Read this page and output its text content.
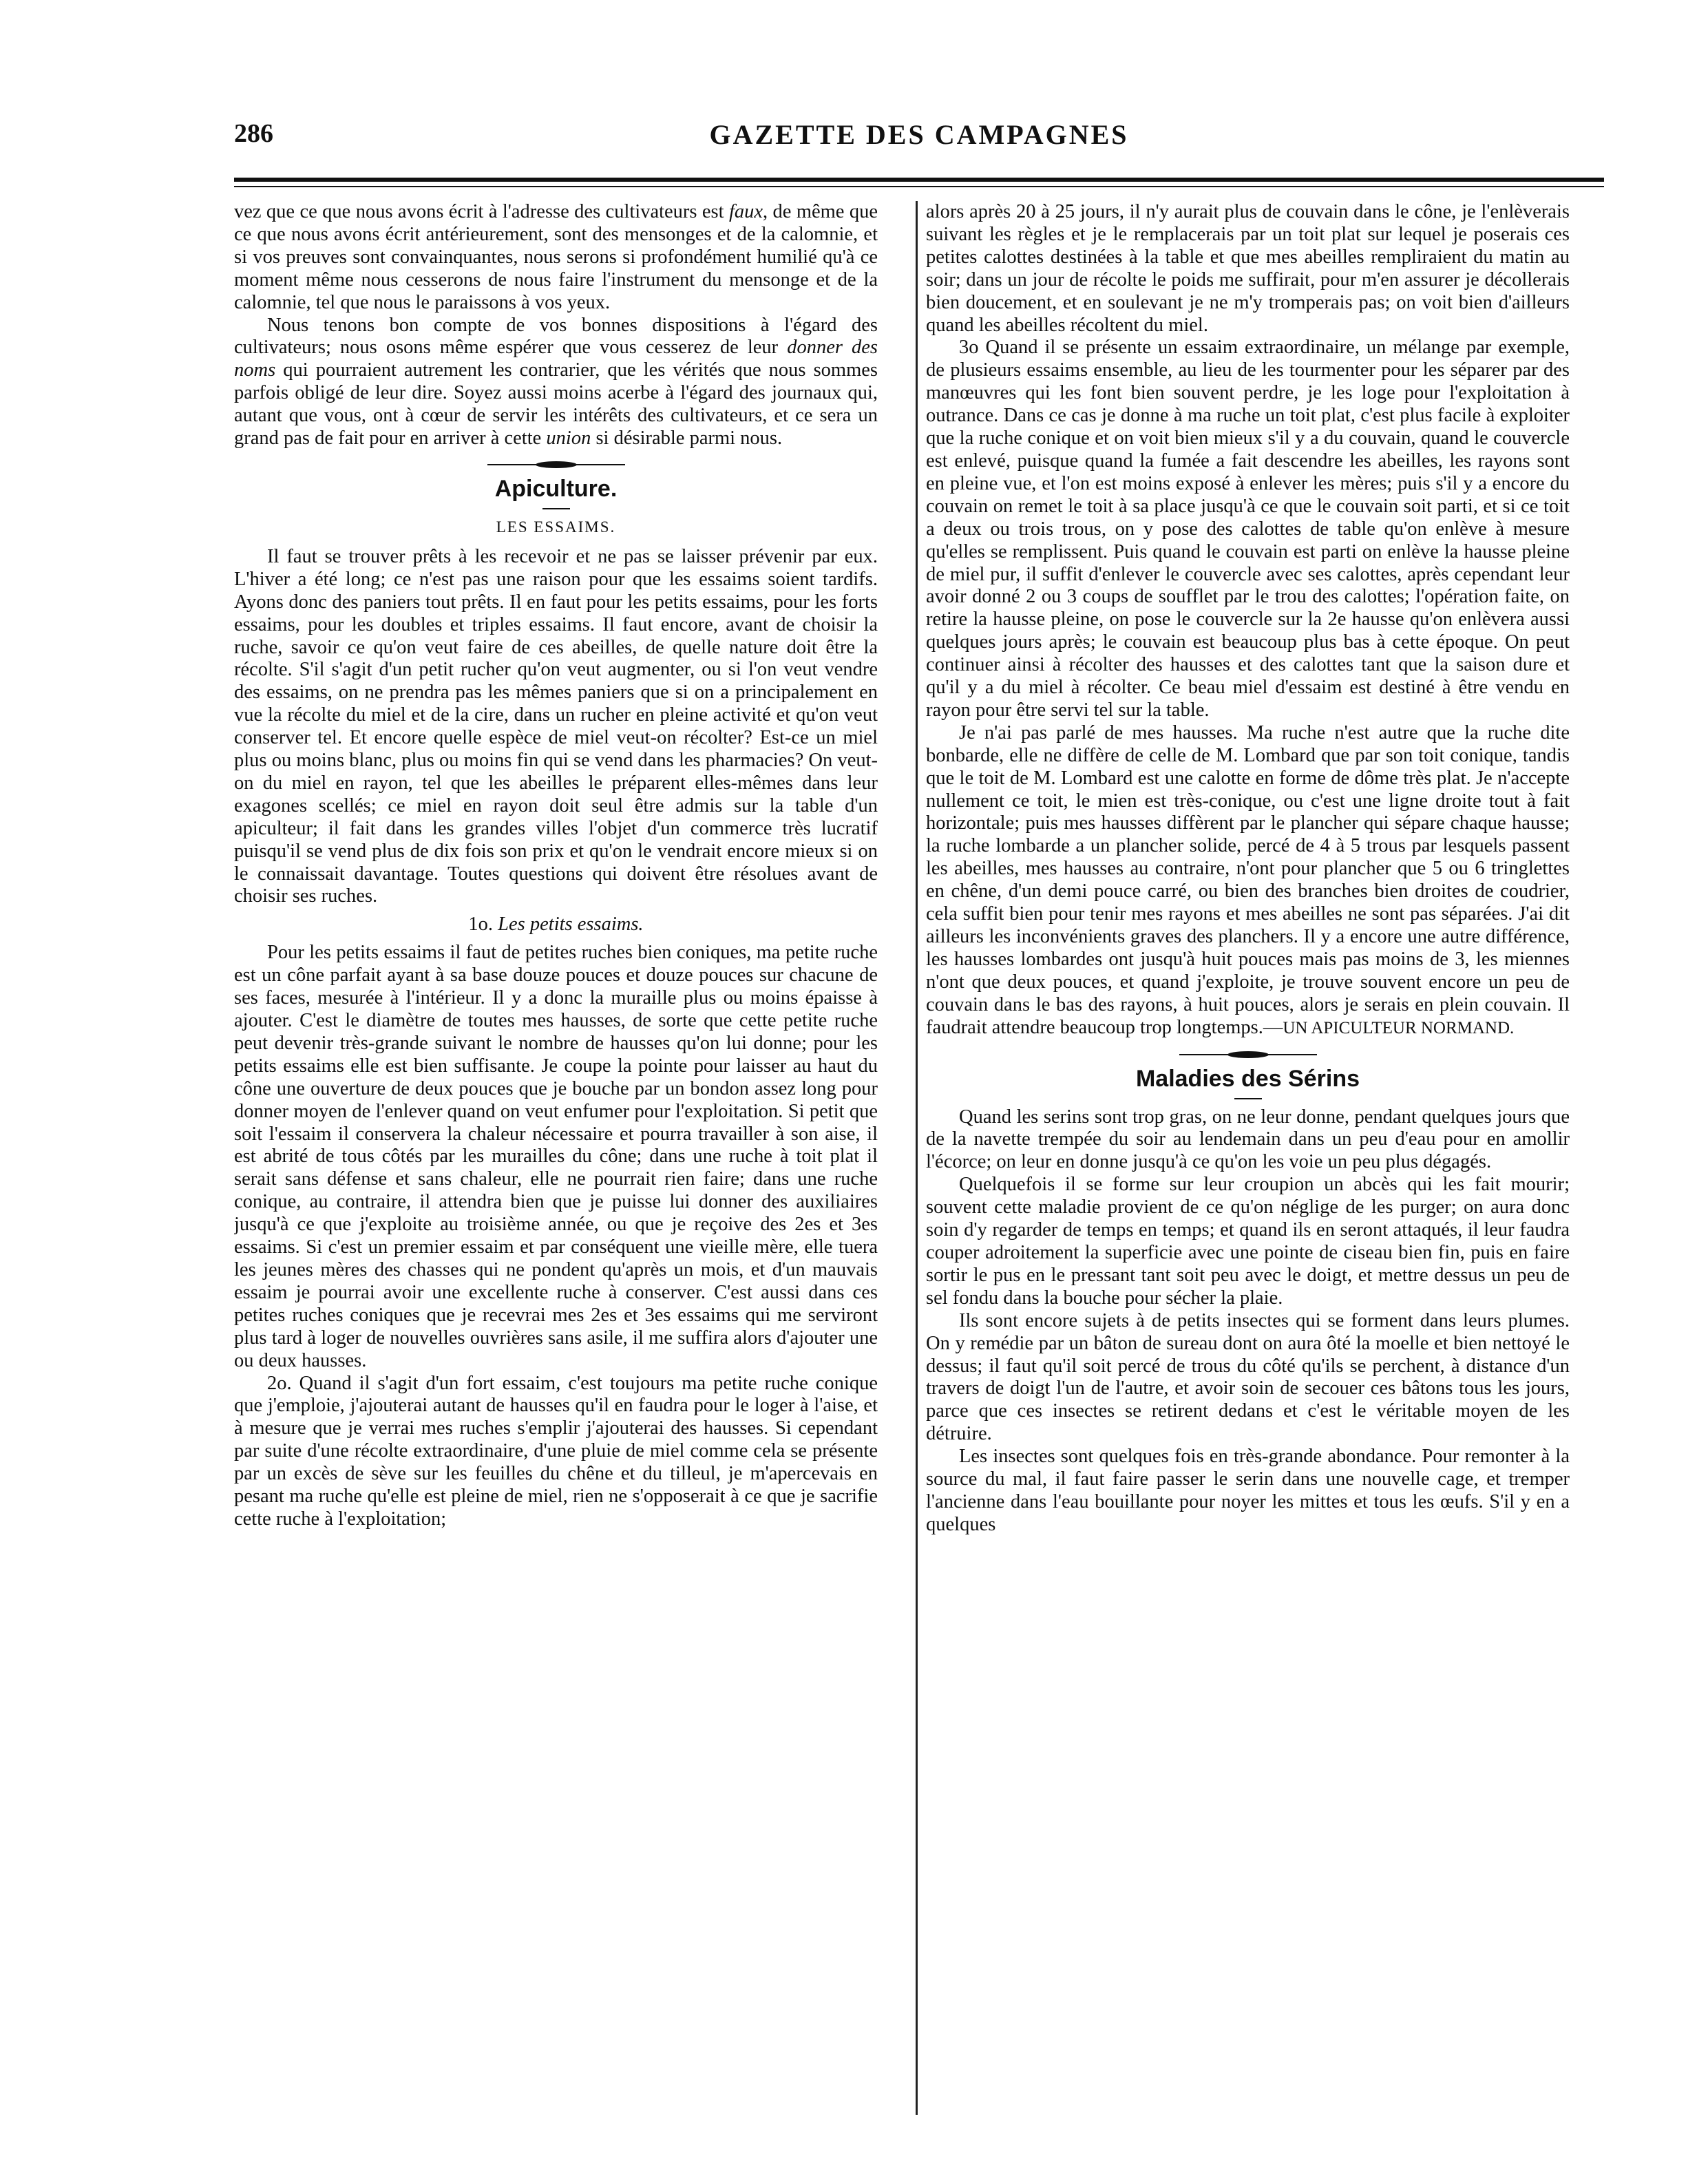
286	GAZETTE DES CAMPAGNES

vez que ce que nous avons écrit à l'adresse des cultivateurs est faux, de même que ce que nous avons écrit antérieurement, sont des mensonges et de la calomnie, et si vos preuves sont convainquantes, nous serons si profondément humilié qu'à ce moment même nous cesserons de nous faire l'instrument du mensonge et de la calomnie, tel que nous le paraissons à vos yeux.

Nous tenons bon compte de vos bonnes dispositions à l'égard des cultivateurs; nous osons même espérer que vous cesserez de leur donner des noms qui pourraient autrement les contrarier, que les vérités que nous sommes parfois obligé de leur dire. Soyez aussi moins acerbe à l'égard des journaux qui, autant que vous, ont à cœur de servir les intérêts des cultivateurs, et ce sera un grand pas de fait pour en arriver à cette union si désirable parmi nous.

Apiculture.
LES ESSAIMS.

Il faut se trouver prêts à les recevoir et ne pas se laisser prévenir par eux. L'hiver a été long; ce n'est pas une raison pour que les essaims soient tardifs. Ayons donc des paniers tout prêts. Il en faut pour les petits essaims, pour les forts essaims, pour les doubles et triples essaims. Il faut encore, avant de choisir la ruche, savoir ce qu'on veut faire de ces abeilles, de quelle nature doit être la récolte. S'il s'agit d'un petit rucher qu'on veut augmenter, ou si l'on veut vendre des essaims, on ne prendra pas les mêmes paniers que si on a principalement en vue la récolte du miel et de la cire, dans un rucher en pleine activité et qu'on veut conserver tel. Et encore quelle espèce de miel veut-on récolter? Est-ce un miel plus ou moins blanc, plus ou moins fin qui se vend dans les pharmacies? On veut-on du miel en rayon, tel que les abeilles le préparent elles-mêmes dans leur exagones scellés; ce miel en rayon doit seul être admis sur la table d'un apiculteur; il fait dans les grandes villes l'objet d'un commerce très lucratif puisqu'il se vend plus de dix fois son prix et qu'on le vendrait encore mieux si on le connaissait davantage. Toutes questions qui doivent être résolues avant de choisir ses ruches.

1o. Les petits essaims.

Pour les petits essaims il faut de petites ruches bien coniques, ma petite ruche est un cône parfait ayant à sa base douze pouces et douze pouces sur chacune de ses faces, mesurée à l'intérieur. Il y a donc la muraille plus ou moins épaisse à ajouter. C'est le diamètre de toutes mes hausses, de sorte que cette petite ruche peut devenir très-grande suivant le nombre de hausses qu'on lui donne; pour les petits essaims elle est bien suffisante. Je coupe la pointe pour laisser au haut du cône une ouverture de deux pouces que je bouche par un bondon assez long pour donner moyen de l'enlever quand on veut enfumer pour l'exploitation. Si petit que soit l'essaim il conservera la chaleur nécessaire et pourra travailler à son aise, il est abrité de tous côtés par les murailles du cône; dans une ruche à toit plat il serait sans défense et sans chaleur, elle ne pourrait rien faire; dans une ruche conique, au contraire, il attendra bien que je puisse lui donner des auxiliaires jusqu'à ce que j'exploite au troisième année, ou que je reçoive des 2es et 3es essaims. Si c'est un premier essaim et par conséquent une vieille mère, elle tuera les jeunes mères des chasses qui ne pondent qu'après un mois, et d'un mauvais essaim je pourrai avoir une excellente ruche à conserver. C'est aussi dans ces petites ruches coniques que je recevrai mes 2es et 3es essaims qui me serviront plus tard à loger de nouvelles ouvrières sans asile, il me suffira alors d'ajouter une ou deux hausses.

2o. Quand il s'agit d'un fort essaim, c'est toujours ma petite ruche conique que j'emploie, j'ajouterai autant de hausses qu'il en faudra pour le loger à l'aise, et à mesure que je verrai mes ruches s'emplir j'ajouterai des hausses. Si cependant par suite d'une récolte extraordinaire, d'une pluie de miel comme cela se présente par un excès de sève sur les feuilles du chêne et du tilleul, je m'apercevais en pesant ma ruche qu'elle est pleine de miel, rien ne s'opposerait à ce que je sacrifie cette ruche à l'exploitation;

alors après 20 à 25 jours, il n'y aurait plus de couvain dans le cône, je l'enlèverais suivant les règles et je le remplacerais par un toit plat sur lequel je poserais ces petites calottes destinées à la table et que mes abeilles rempliraient du matin au soir; dans un jour de récolte le poids me suffirait, pour m'en assurer je décollerais bien doucement, et en soulevant je ne m'y tromperais pas; on voit bien d'ailleurs quand les abeilles récoltent du miel.

3o Quand il se présente un essaim extraordinaire, un mélange par exemple, de plusieurs essaims ensemble, au lieu de les tourmenter pour les séparer par des manœuvres qui les font bien souvent perdre, je les loge pour l'exploitation à outrance. Dans ce cas je donne à ma ruche un toit plat, c'est plus facile à exploiter que la ruche conique et on voit bien mieux s'il y a du couvain, quand le couvercle est enlevé, puisque quand la fumée a fait descendre les abeilles, les rayons sont en pleine vue, et l'on est moins exposé à enlever les mères; puis s'il y a encore du couvain on remet le toit à sa place jusqu'à ce que le couvain soit parti, et si ce toit a deux ou trois trous, on y pose des calottes de table qu'on enlève à mesure qu'elles se remplissent. Puis quand le couvain est parti on enlève la hausse pleine de miel pur, il suffit d'enlever le couvercle avec ses calottes, après cependant leur avoir donné 2 ou 3 coups de soufflet par le trou des calottes; l'opération faite, on retire la hausse pleine, on pose le couvercle sur la 2e hausse qu'on enlèvera aussi quelques jours après; le couvain est beaucoup plus bas à cette époque. On peut continuer ainsi à récolter des hausses et des calottes tant que la saison dure et qu'il y a du miel à récolter. Ce beau miel d'essaim est destiné à être vendu en rayon pour être servi tel sur la table.

Je n'ai pas parlé de mes hausses. Ma ruche n'est autre que la ruche dite bonbarde, elle ne diffère de celle de M. Lombard que par son toit conique, tandis que le toit de M. Lombard est une calotte en forme de dôme très plat. Je n'accepte nullement ce toit, le mien est très-conique, ou c'est une ligne droite tout à fait horizontale; puis mes hausses diffèrent par le plancher qui sépare chaque hausse; la ruche lombarde a un plancher solide, percé de 4 à 5 trous par lesquels passent les abeilles, mes hausses au contraire, n'ont pour plancher que 5 ou 6 tringlettes en chêne, d'un demi pouce carré, ou bien des branches bien droites de coudrier, cela suffit bien pour tenir mes rayons et mes abeilles ne sont pas séparées. J'ai dit ailleurs les inconvénients graves des planchers. Il y a encore une autre différence, les hausses lombardes ont jusqu'à huit pouces mais pas moins de 3, les miennes n'ont que deux pouces, et quand j'exploite, je trouve souvent encore un peu de couvain dans le bas des rayons, à huit pouces, alors je serais en plein couvain. Il faudrait attendre beaucoup trop longtemps.—UN APICULTEUR NORMAND.

Maladies des Sérins

Quand les serins sont trop gras, on ne leur donne, pendant quelques jours que de la navette trempée du soir au lendemain dans un peu d'eau pour en amollir l'écorce; on leur en donne jusqu'à ce qu'on les voie un peu plus dégagés.

Quelquefois il se forme sur leur croupion un abcès qui les fait mourir; souvent cette maladie provient de ce qu'on néglige de les purger; on aura donc soin d'y regarder de temps en temps; et quand ils en seront attaqués, il leur faudra couper adroitement la superficie avec une pointe de ciseau bien fin, puis en faire sortir le pus en le pressant tant soit peu avec le doigt, et mettre dessus un peu de sel fondu dans la bouche pour sécher la plaie.

Ils sont encore sujets à de petits insectes qui se forment dans leurs plumes. On y remédie par un bâton de sureau dont on aura ôté la moelle et bien nettoyé le dessus; il faut qu'il soit percé de trous du côté qu'ils se perchent, à distance d'un travers de doigt l'un de l'autre, et avoir soin de secouer ces bâtons tous les jours, parce que ces insectes se retirent dedans et c'est le véritable moyen de les détruire.

Les insectes sont quelques fois en très-grande abondance. Pour remonter à la source du mal, il faut faire passer le serin dans une nouvelle cage, et tremper l'ancienne dans l'eau bouillante pour noyer les mittes et tous les œufs. S'il y en a quelques
